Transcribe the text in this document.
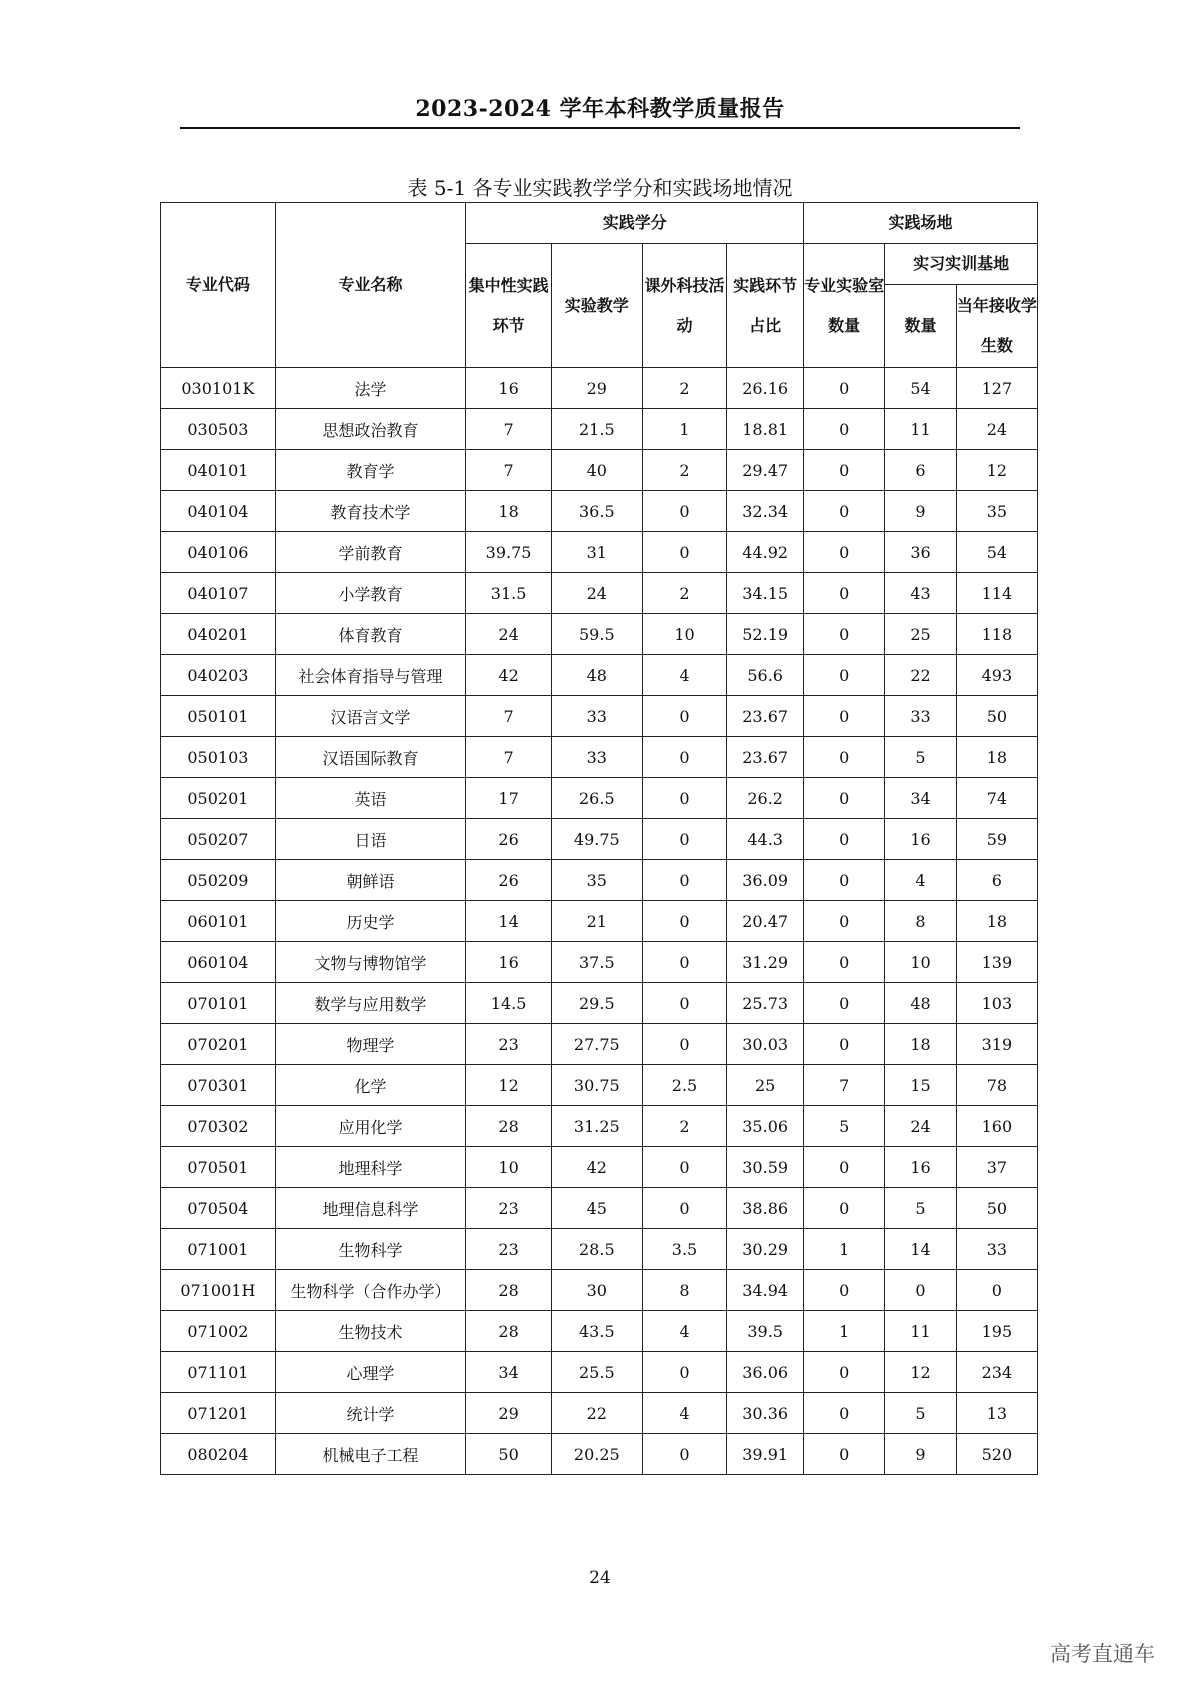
2023-2024 学年本科教学质量报告
表 5-1 各专业实践教学学分和实践场地情况
专业代码	专业名称	实践学分				实践场地		
		集中性实践环节	实验教学	课外科技活动	实践环节占比	专业实验室数量	实习实训基地	
							数量	当年接收学生数
030101K	法学	16	29	2	26.16	0	54	127
030503	思想政治教育	7	21.5	1	18.81	0	11	24
040101	教育学	7	40	2	29.47	0	6	12
040104	教育技术学	18	36.5	0	32.34	0	9	35
040106	学前教育	39.75	31	0	44.92	0	36	54
040107	小学教育	31.5	24	2	34.15	0	43	114
040201	体育教育	24	59.5	10	52.19	0	25	118
040203	社会体育指导与管理	42	48	4	56.6	0	22	493
050101	汉语言文学	7	33	0	23.67	0	33	50
050103	汉语国际教育	7	33	0	23.67	0	5	18
050201	英语	17	26.5	0	26.2	0	34	74
050207	日语	26	49.75	0	44.3	0	16	59
050209	朝鲜语	26	35	0	36.09	0	4	6
060101	历史学	14	21	0	20.47	0	8	18
060104	文物与博物馆学	16	37.5	0	31.29	0	10	139
070101	数学与应用数学	14.5	29.5	0	25.73	0	48	103
070201	物理学	23	27.75	0	30.03	0	18	319
070301	化学	12	30.75	2.5	25	7	15	78
070302	应用化学	28	31.25	2	35.06	5	24	160
070501	地理科学	10	42	0	30.59	0	16	37
070504	地理信息科学	23	45	0	38.86	0	5	50
071001	生物科学	23	28.5	3.5	30.29	1	14	33
071001H	生物科学（合作办学）	28	30	8	34.94	0	0	0
071002	生物技术	28	43.5	4	39.5	1	11	195
071101	心理学	34	25.5	0	36.06	0	12	234
071201	统计学	29	22	4	30.36	0	5	13
080204	机械电子工程	50	20.25	0	39.91	0	9	520
24
高考直通车
